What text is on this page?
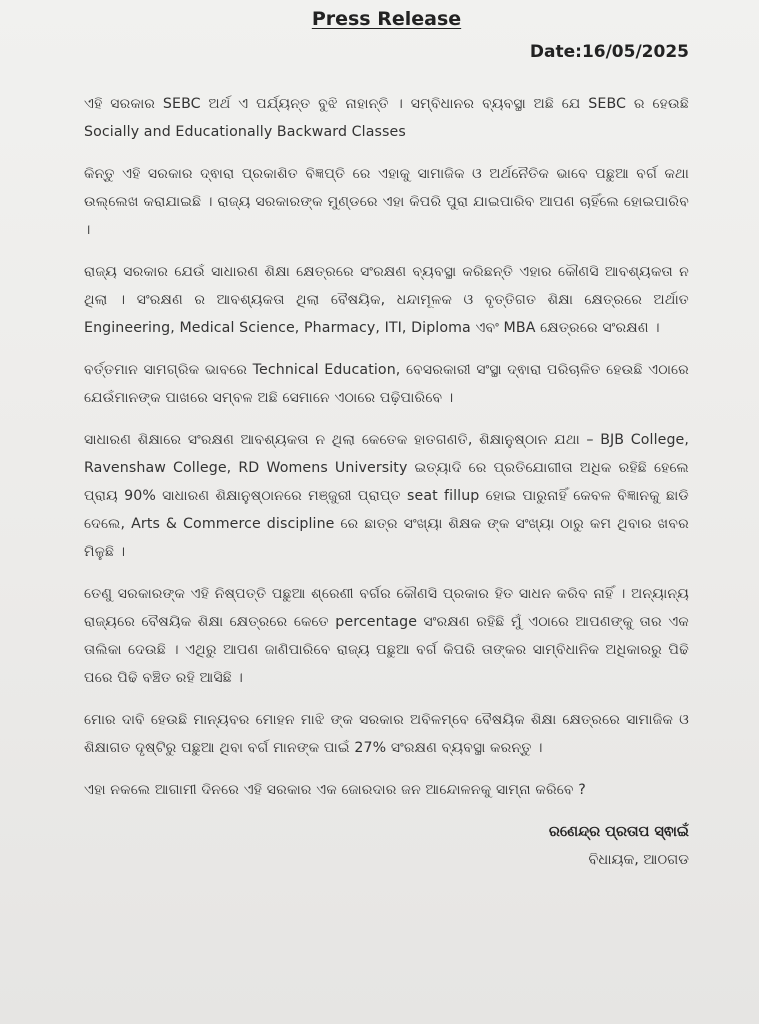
Press Release
Date:16/05/2025

ଏହି ସରକାର SEBC ଅର୍ଥ ଏ ପର୍ଯ୍ୟନ୍ତ ବୁଝି ନାହାନ୍ତି । ସମ୍ବିଧାନର ବ୍ୟବସ୍ଥା ଅଛି ଯେ SEBC ର ହେଉଛି Socially and Educationally Backward Classes

କିନ୍ତୁ ଏହି ସରକାର ଦ୍ଵାରା ପ୍ରକାଶିତ ବିଜ୍ଞପ୍ତି ରେ ଏହାକୁ ସାମାଜିକ ଓ ଅର୍ଥନୈତିକ ଭାବେ ପଛୁଆ ବର୍ଗ କଥା ଉଲ୍ଲେଖ କରାଯାଇଛି । ରାଜ୍ୟ ସରକାରଙ୍କ ମୁଣ୍ଡରେ ଏହା କିପରି ପୁରା ଯାଇପାରିବ ଆପଣ ଚାହିଁଲେ ହୋଇପାରିବ ।

ରାଜ୍ୟ ସରକାର ଯେଉଁ ସାଧାରଣ ଶିକ୍ଷା କ୍ଷେତ୍ରରେ ସଂରକ୍ଷଣ ବ୍ୟବସ୍ଥା କରିଛନ୍ତି ଏହାର କୌଣସି ଆବଶ୍ୟକତା ନ ଥିଲା । ସଂରକ୍ଷଣ ର ଆବଶ୍ୟକତା ଥିଲା ବୈଷୟିକ, ଧନ୍ଦାମୂଳକ ଓ ବୃତ୍ତିଗତ ଶିକ୍ଷା କ୍ଷେତ୍ରରେ ଅର୍ଥାତ Engineering, Medical Science, Pharmacy, ITI, Diploma ଏବଂ MBA କ୍ଷେତ୍ରରେ ସଂରକ୍ଷଣ ।

ବର୍ତ୍ତମାନ ସାମଗ୍ରିକ ଭାବରେ Technical Education, ବେସରକାରୀ ସଂସ୍ଥା ଦ୍ଵାରା ପରିଚାଳିତ ହେଉଛି ଏଠାରେ ଯେଉଁମାନଙ୍କ ପାଖରେ ସମ୍ବଳ ଅଛି ସେମାନେ ଏଠାରେ ପଢ଼ିପାରିବେ ।

ସାଧାରଣ ଶିକ୍ଷାରେ ସଂରକ୍ଷଣ ଆବଶ୍ୟକତା ନ ଥିଲା କେତେକ ହାତଗଣତି, ଶିକ୍ଷାନୁଷ୍ଠାନ ଯଥା – BJB College, Ravenshaw College, RD Womens University ଇତ୍ୟାଦି ରେ ପ୍ରତିଯୋଗୀତା ଅଧିକ ରହିଛି ହେଲେ ପ୍ରାୟ 90% ସାଧାରଣ ଶିକ୍ଷାନୁଷ୍ଠାନରେ ମଞ୍ଜୁରୀ ପ୍ରାପ୍ତ seat fillup ହୋଇ ପାରୁନାହିଁ କେବଳ ବିଜ୍ଞାନକୁ ଛାଡି ଦେଲେ, Arts & Commerce discipline ରେ ଛାତ୍ର ସଂଖ୍ୟା ଶିକ୍ଷକ ଙ୍କ ସଂଖ୍ୟା ଠାରୁ କମ ଥିବାର ଖବର ମିଳୁଛି ।

ତେଣୁ ସରକାରଙ୍କ ଏହି ନିଷ୍ପତ୍ତି ପଛୁଆ ଶ୍ରେଣୀ ବର୍ଗର କୌଣସି ପ୍ରକାର ହିତ ସାଧନ କରିବ ନାହିଁ । ଅନ୍ୟାନ୍ୟ ରାଜ୍ୟରେ ବୈଷୟିକ ଶିକ୍ଷା କ୍ଷେତ୍ରରେ କେତେ percentage ସଂରକ୍ଷଣ ରହିଛି ମୁଁ ଏଠାରେ ଆପଣଙ୍କୁ ତାର ଏକ ତାଲିକା ଦେଉଛି । ଏଥିରୁ ଆପଣ ଜାଣିପାରିବେ ରାଜ୍ୟ ପଛୁଆ ବର୍ଗ କିପରି ତାଙ୍କର ସାମ୍ବିଧାନିକ ଅଧିକାରରୁ ପିଢି ପରେ ପିଢି ବଞ୍ଚିତ ରହି ଆସିଛି ।

ମୋର ଦାବି ହେଉଛି ମାନ୍ୟବର ମୋହନ ମାଝି ଙ୍କ ସରକାର ଅବିଳମ୍ବେ ବୈଷୟିକ ଶିକ୍ଷା କ୍ଷେତ୍ରରେ ସାମାଜିକ ଓ ଶିକ୍ଷାଗତ ଦୃଷ୍ଟିରୁ ପଛୁଆ ଥିବା ବର୍ଗ ମାନଙ୍କ ପାଇଁ 27% ସଂରକ୍ଷଣ ବ୍ୟବସ୍ଥା କରନ୍ତୁ ।

ଏହା ନକଲେ ଆଗାମୀ ଦିନରେ ଏହି ସରକାର ଏକ ଜୋରଦାର ଜନ ଆନ୍ଦୋଳନକୁ ସାମ୍ନା କରିବେ ?

ରଣେନ୍ଦ୍ର ପ୍ରତାପ ସ୍ଵାଇଁ
ବିଧାୟକ, ଆଠଗଡ
